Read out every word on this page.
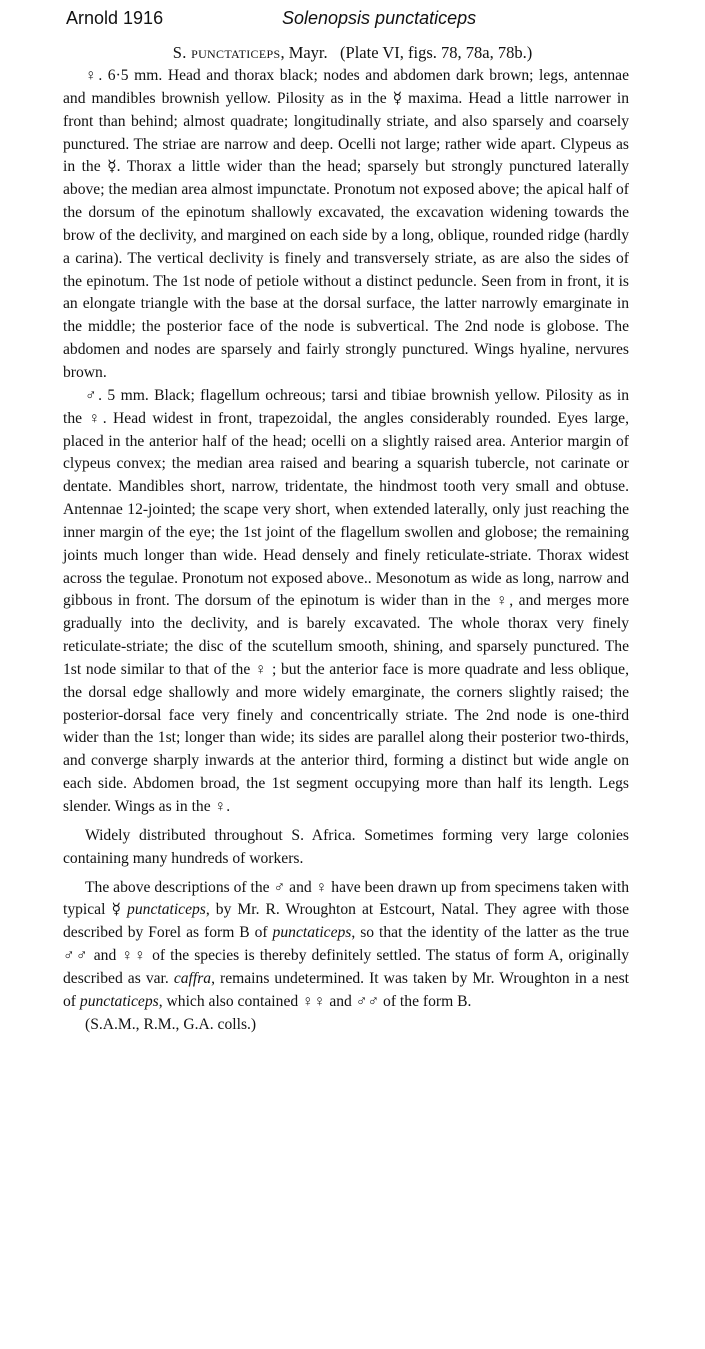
Arnold 1916	Solenopsis punctaticeps
S. punctaticeps, Mayr. (Plate VI, figs. 78, 78a, 78b.)

♀. 6·5 mm. Head and thorax black; nodes and abdomen dark brown; legs, antennae and mandibles brownish yellow. Pilosity as in the ☿ maxima. Head a little narrower in front than behind; almost quadrate; longitudinally striate, and also sparsely and coarsely punctured. The striae are narrow and deep. Ocelli not large; rather wide apart. Clypeus as in the ☿. Thorax a little wider than the head; sparsely but strongly punctured laterally above; the median area almost impunctate. Pronotum not exposed above; the apical half of the dorsum of the epinotum shallowly excavated, the excavation widening towards the brow of the declivity, and margined on each side by a long, oblique, rounded ridge (hardly a carina). The vertical declivity is finely and transversely striate, as are also the sides of the epinotum. The 1st node of petiole without a distinct peduncle. Seen from in front, it is an elongate triangle with the base at the dorsal surface, the latter narrowly emarginate in the middle; the posterior face of the node is subvertical. The 2nd node is globose. The abdomen and nodes are sparsely and fairly strongly punctured. Wings hyaline, nervures brown.

♂. 5 mm. Black; flagellum ochreous; tarsi and tibiae brownish yellow. Pilosity as in the ♀. Head widest in front, trapezoidal, the angles considerably rounded. Eyes large, placed in the anterior half of the head; ocelli on a slightly raised area. Anterior margin of clypeus convex; the median area raised and bearing a squarish tubercle, not carinate or dentate. Mandibles short, narrow, tridentate, the hindmost tooth very small and obtuse. Antennae 12-jointed; the scape very short, when extended laterally, only just reaching the inner margin of the eye; the 1st joint of the flagellum swollen and globose; the remaining joints much longer than wide. Head densely and finely reticulate-striate. Thorax widest across the tegulae. Pronotum not exposed above.. Mesonotum as wide as long, narrow and gibbous in front. The dorsum of the epinotum is wider than in the ♀, and merges more gradually into the declivity, and is barely excavated. The whole thorax very finely reticulate-striate; the disc of the scutellum smooth, shining, and sparsely punctured. The 1st node similar to that of the ♀ ; but the anterior face is more quadrate and less oblique, the dorsal edge shallowly and more widely emarginate, the corners slightly raised; the posterior-dorsal face very finely and concentrically striate. The 2nd node is one-third wider than the 1st; longer than wide; its sides are parallel along their posterior two-thirds, and converge sharply inwards at the anterior third, forming a distinct but wide angle on each side. Abdomen broad, the 1st segment occupying more than half its length. Legs slender. Wings as in the ♀.

Widely distributed throughout S. Africa. Sometimes forming very large colonies containing many hundreds of workers.

The above descriptions of the ♂ and ♀ have been drawn up from specimens taken with typical ☿ punctaticeps, by Mr. R. Wroughton at Estcourt, Natal. They agree with those described by Forel as form B of punctaticeps, so that the identity of the latter as the true ♂♂ and ♀♀ of the species is thereby definitely settled. The status of form A, originally described as var. caffra, remains undetermined. It was taken by Mr. Wroughton in a nest of punctaticeps, which also contained ♀♀ and ♂♂ of the form B.

(S.A.M., R.M., G.A. colls.)
